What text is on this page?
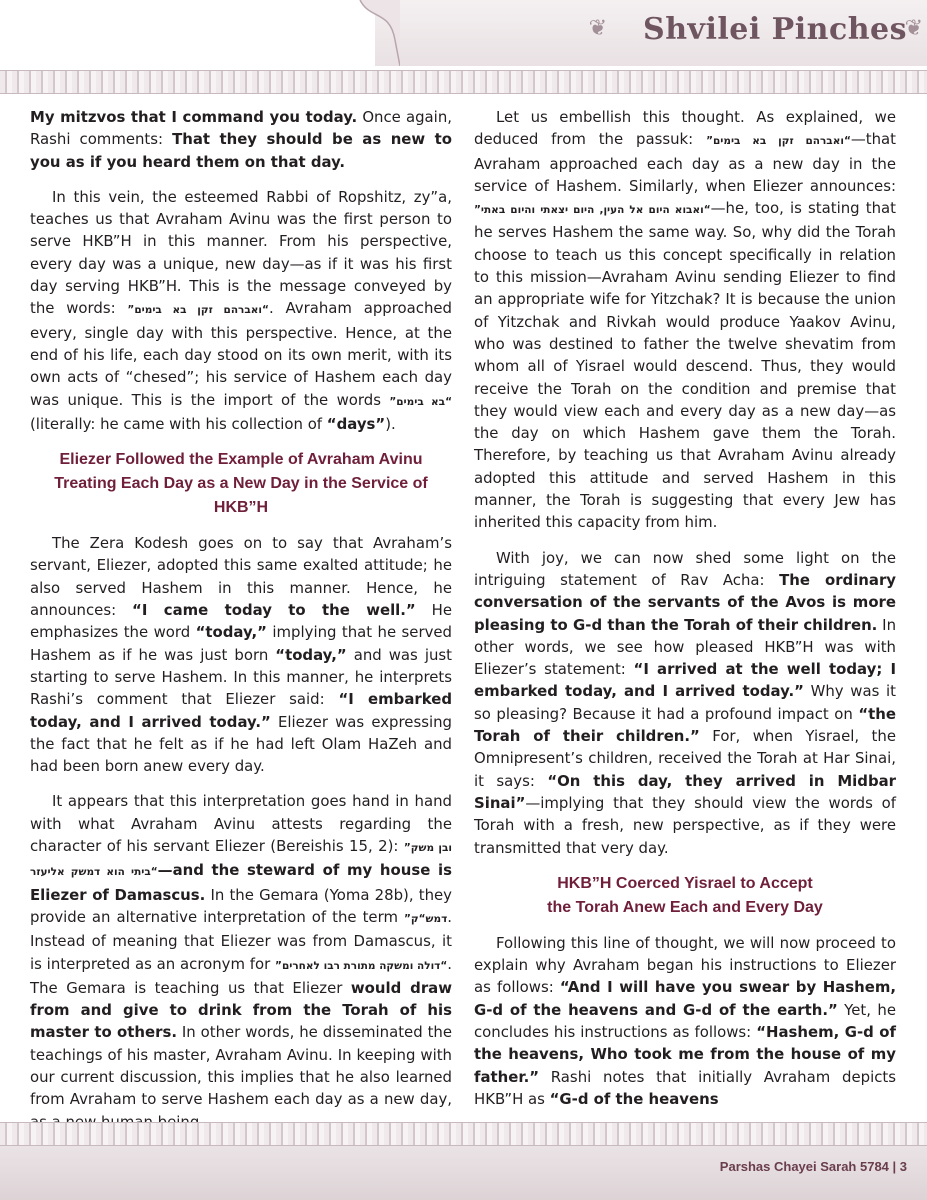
❦ Shvilei Pinches
❦

My mitzvos that I command you today. Once again, Rashi comments: That they should be as new to you as if you heard them on that day.

In this vein, the esteemed Rabbi of Ropshitz, zy”a, teaches us that Avraham Avinu was the first person to serve HKB”H in this manner. From his perspective, every day was a unique, new day—as if it was his first day serving HKB”H. This is the message conveyed by the words: ”ואברהם זקן בא בימים“. Avraham approached every, single day with this perspective. Hence, at the end of his life, each day stood on its own merit, with its own acts of “chesed”; his service of Hashem each day was unique. This is the import of the words ”בא בימים“ (literally: he came with his collection of “days”).

Eliezer Followed the Example of Avraham Avinu
Treating Each Day as a New Day in the Service of HKB”H

The Zera Kodesh goes on to say that Avraham’s servant, Eliezer, adopted this same exalted attitude; he also served Hashem in this manner. Hence, he announces: “I came today to the well.” He emphasizes the word “today,” implying that he served Hashem as if he was just born “today,” and was just starting to serve Hashem. In this manner, he interprets Rashi’s comment that Eliezer said: “I embarked today, and I arrived today.” Eliezer was expressing the fact that he felt as if he had left Olam HaZeh and had been born anew every day.

It appears that this interpretation goes hand in hand with what Avraham Avinu attests regarding the character of his servant Eliezer (Bereishis 15, 2): ”ובן משק ביתי הוא דמשק אליעזר“—and the steward of my house is Eliezer of Damascus. In the Gemara (Yoma 28b), they provide an alternative interpretation of the term ”דמש“ק. Instead of meaning that Eliezer was from Damascus, it is interpreted as an acronym for ”דולה ומשקה מתורת רבו לאחרים“. The Gemara is teaching us that Eliezer would draw from and give to drink from the Torah of his master to others. In other words, he disseminated the teachings of his master, Avraham Avinu. In keeping with our current discussion, this implies that he also learned from Avraham to serve Hashem each day as a new day,

Let us embellish this thought. As explained, we deduced from the passuk: ”ואברהם זקן בא בימים“—that Avraham approached each day as a new day in the service of Hashem. Similarly, when Eliezer announces: ”ואבוא היום אל העין, היום יצאתי והיום באתי“—he, too, is stating that he serves Hashem the same way. So, why did the Torah choose to teach us this concept specifically in relation to this mission—Avraham Avinu sending Eliezer to find an appropriate wife for Yitzchak? It is because the union of Yitzchak and Rivkah would produce Yaakov Avinu, who was destined to father the twelve shevatim from whom all of Yisrael would descend. Thus, they would receive the Torah on the condition and premise that they would view each and every day as a new day—as the day on which Hashem gave them the Torah. Therefore, by teaching us that Avraham Avinu already adopted this attitude and served Hashem in this manner, the Torah is suggesting that every Jew has inherited this capacity from him.

With joy, we can now shed some light on the intriguing statement of Rav Acha: The ordinary conversation of the servants of the Avos is more pleasing to G-d than the Torah of their children. In other words, we see how pleased HKB”H was with Eliezer’s statement: “I arrived at the well today; I embarked today, and I arrived today.” Why was it so pleasing? Because it had a profound impact on “the Torah of their children.” For, when Yisrael, the Omnipresent’s children, received the Torah at Har Sinai, it says: “On this day, they arrived in Midbar Sinai”—implying that they should view the words of Torah with a fresh, new perspective, as if they were transmitted that very day.

HKB”H Coerced Yisrael to Accept
the Torah Anew Each and Every Day

Following this line of thought, we will now proceed to explain why Avraham began his instructions to Eliezer as follows: “And I will have you swear by Hashem, G-d of the heavens and G-d of the earth.” Yet, he concludes his instructions as follows: “Hashem, G-d of the heavens, Who took me from the house of my father.” Rashi notes that initially Avraham depicts HKB”H as “G-d of the heavens

Parshas Chayei Sarah 5784 | 3
